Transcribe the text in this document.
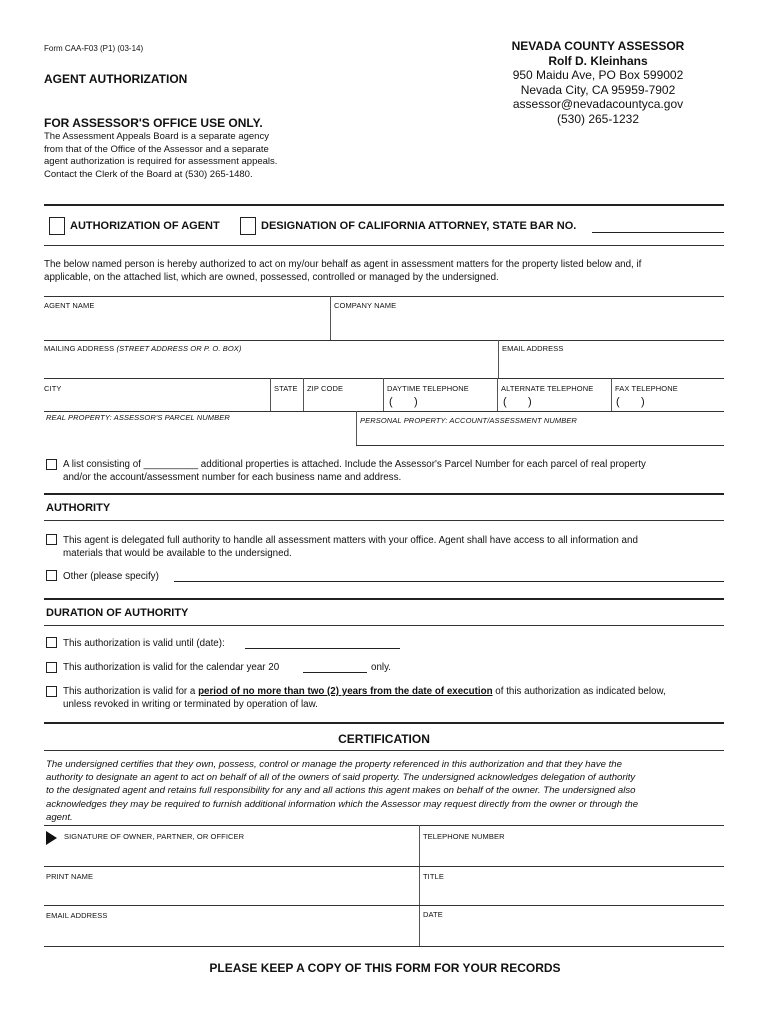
Form CAA-F03 (P1) (03-14)
AGENT AUTHORIZATION
FOR ASSESSOR'S OFFICE USE ONLY.
The Assessment Appeals Board is a separate agency
from that of the Office of the Assessor and a separate
agent authorization is required for assessment appeals.
Contact the Clerk of the Board at (530) 265-1480.
NEVADA COUNTY ASSESSOR
Rolf D. Kleinhans
950 Maidu Ave, PO Box 599002
Nevada City, CA 95959-7902
assessor@nevadacountyca.gov
(530) 265-1232
AUTHORIZATION OF AGENT	DESIGNATION OF CALIFORNIA ATTORNEY, STATE BAR NO.
The below named person is hereby authorized to act on my/our behalf as agent in assessment matters for the property listed below and, if
applicable, on the attached list, which are owned, possessed, controlled or managed by the undersigned.
AGENT NAME	COMPANY NAME
MAILING ADDRESS (STREET ADDRESS OR P. O. BOX)	EMAIL ADDRESS
CITY	STATE ZIP CODE	DAYTIME TELEPHONE	ALTERNATE TELEPHONE	FAX TELEPHONE
(       )	(       )	(       )
REAL PROPERTY: ASSESSOR'S PARCEL NUMBER	PERSONAL PROPERTY: ACCOUNT/ASSESSMENT NUMBER
A list consisting of __________ additional properties is attached. Include the Assessor's Parcel Number for each parcel of real property
and/or the account/assessment number for each business name and address.
AUTHORITY
This agent is delegated full authority to handle all assessment matters with your office. Agent shall have access to all information and
materials that would be available to the undersigned.
Other (please specify)
DURATION OF AUTHORITY
This authorization is valid until (date):
This authorization is valid for the calendar year 20	only.
This authorization is valid for a period of no more than two (2) years from the date of execution of this authorization as indicated below,
unless revoked in writing or terminated by operation of law.
CERTIFICATION
The undersigned certifies that they own, possess, control or manage the property referenced in this authorization and that they have the
authority to designate an agent to act on behalf of all of the owners of said property. The undersigned acknowledges delegation of authority
to the designated agent and retains full responsibility for any and all actions this agent makes on behalf of the owner. The undersigned also
acknowledges they may be required to furnish additional information which the Assessor may request directly from the owner or through the
agent.
SIGNATURE OF OWNER, PARTNER, OR OFFICER	TELEPHONE NUMBER
PRINT NAME	TITLE
EMAIL ADDRESS	DATE
PLEASE KEEP A COPY OF THIS FORM FOR YOUR RECORDS
